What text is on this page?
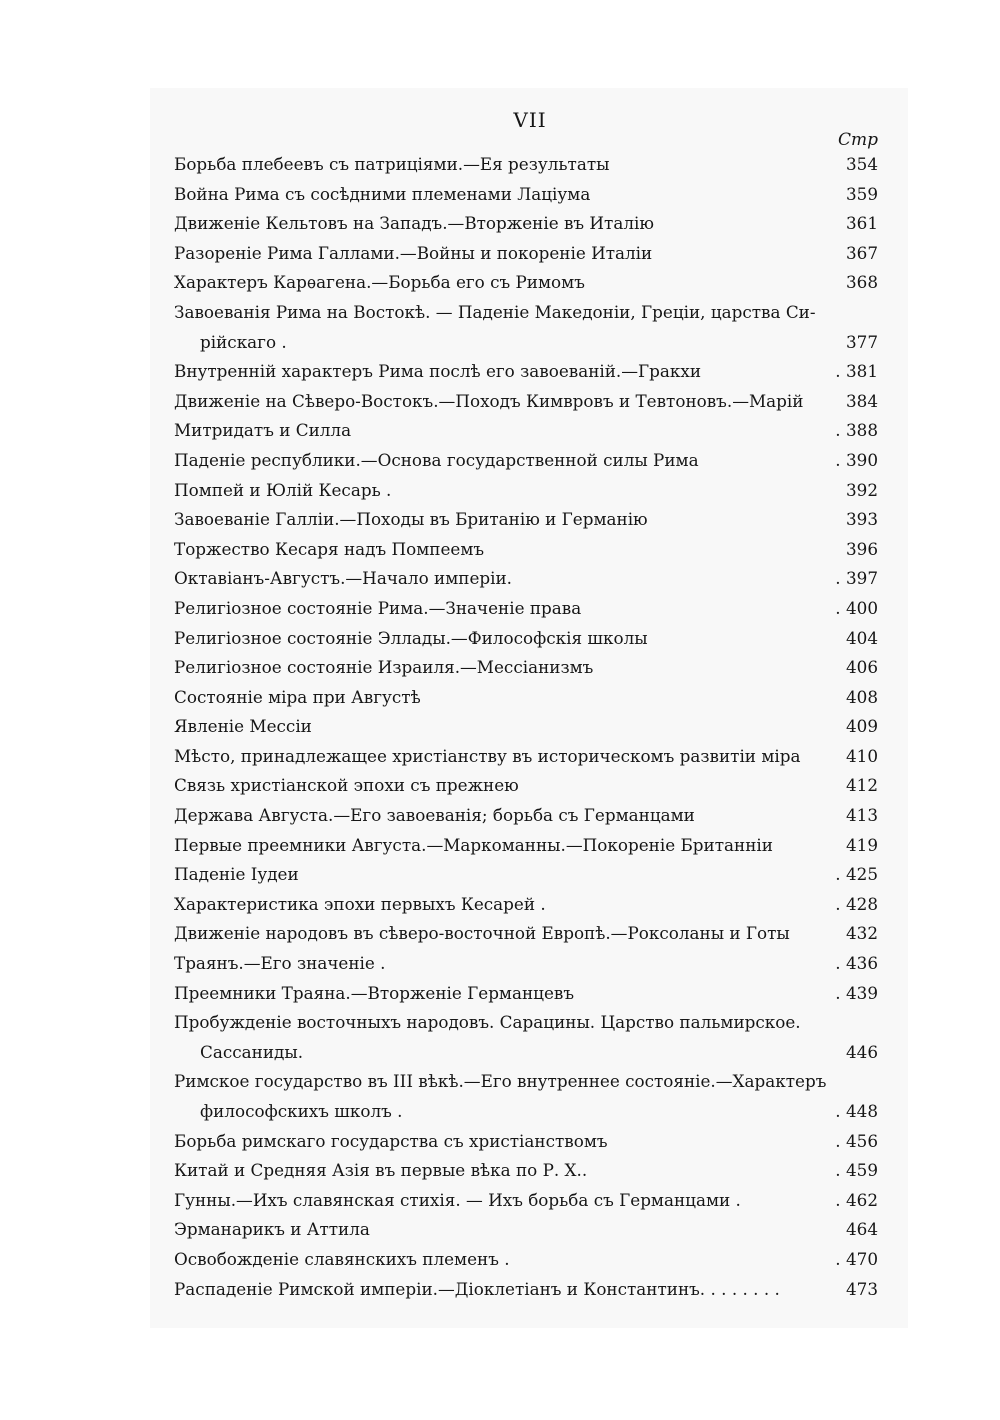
VII
Стр
Борьба плебеевъ съ патриціями.—Ея результаты	354
Война Рима съ сосѣдними племенами Лаціума	359
Движеніе Кельтовъ на Западъ.—Вторженіе въ Италію	361
Разореніе Рима Галлами.—Войны и покореніе Италіи	367
Характеръ Карѳагена.—Борьба его съ Римомъ	368
Завоеванія Рима на Востокѣ. — Паденіе Македоніи, Греціи, царства Си-
рійскаго .	377
Внутренній характеръ Рима послѣ его завоеваній.—Гракхи	. 381
Движеніе на Сѣверо-Востокъ.—Походъ Кимвровъ и Тевтоновъ.—Марій	384
Митридатъ и Силла	. 388
Паденіе республики.—Основа государственной силы Рима	. 390
Помпей и Юлій Кесарь .	392
Завоеваніе Галліи.—Походы въ Британію и Германію	393
Торжество Кесаря надъ Помпеемъ	396
Октавіанъ-Августъ.—Начало имперіи.	. 397
Религіозное состояніе Рима.—Значеніе права	. 400
Религіозное состояніе Эллады.—Философскія школы	404
Религіозное состояніе Израиля.—Мессіанизмъ	406
Состояніе міра при Августѣ	408
Явленіе Мессіи	409
Мѣсто, принадлежащее христіанству въ историческомъ развитіи міра	410
Связь христіанской эпохи съ прежнею	412
Держава Августа.—Его завоеванія; борьба съ Германцами	413
Первые преемники Августа.—Маркоманны.—Покореніе Британніи	419
Паденіе Іудеи	. 425
Характеристика эпохи первыхъ Кесарей .	. 428
Движеніе народовъ въ сѣверо-восточной Европѣ.—Роксоланы и Готы	432
Траянъ.—Его значеніе .	. 436
Преемники Траяна.—Вторженіе Германцевъ	. 439
Пробужденіе восточныхъ народовъ. Сарацины. Царство пальмирское.
Сассаниды.	446
Римское государство въ III вѣкѣ.—Его внутреннее состояніе.—Характеръ
философскихъ школъ .	. 448
Борьба римскаго государства съ христіанствомъ	. 456
Китай и Средняя Азія въ первые вѣка по Р. Х..	. 459
Гунны.—Ихъ славянская стихія. — Ихъ борьба съ Германцами .	. 462
Эрманарикъ и Аттила	464
Освобожденіе славянскихъ племенъ .	. 470
Распаденіе Римской имперіи.—Діоклетіанъ и Константинъ. . . . . . . .	473
